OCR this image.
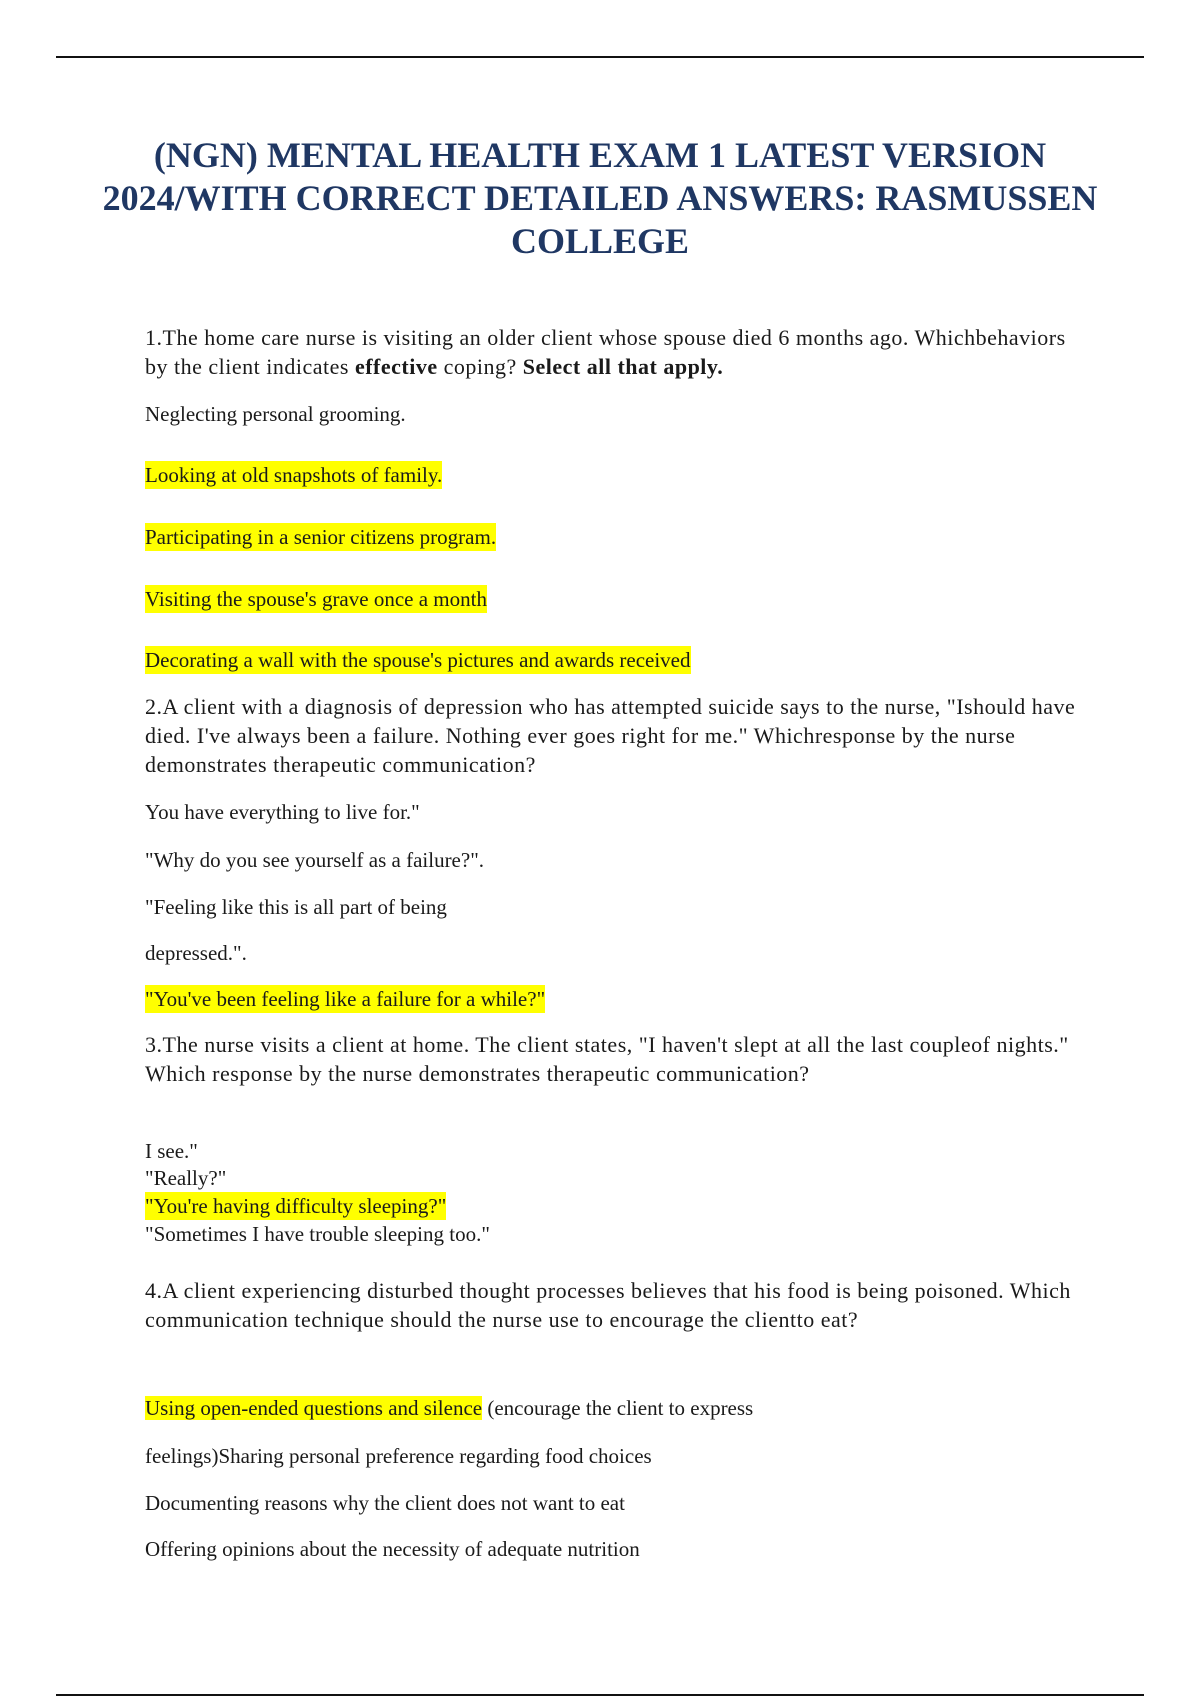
(NGN) MENTAL HEALTH EXAM 1 LATEST VERSION 2024/WITH CORRECT DETAILED ANSWERS: RASMUSSEN COLLEGE

1.The home care nurse is visiting an older client whose spouse died 6 months ago. Whichbehaviors by the client indicates effective coping? Select all that apply.

Neglecting personal grooming.

Looking at old snapshots of family.

Participating in a senior citizens program.

Visiting the spouse's grave once a month

Decorating a wall with the spouse's pictures and awards received

2.A client with a diagnosis of depression who has attempted suicide says to the nurse, "Ishould have died. I've always been a failure. Nothing ever goes right for me." Whichresponse by the nurse demonstrates therapeutic communication?

You have everything to live for."

"Why do you see yourself as a failure?".

"Feeling like this is all part of being

depressed.".

"You've been feeling like a failure for a while?"

3.The nurse visits a client at home. The client states, "I haven't slept at all the last coupleof nights." Which response by the nurse demonstrates therapeutic communication?

I see."

"Really?"

"You're having difficulty sleeping?"

"Sometimes I have trouble sleeping too."

4.A client experiencing disturbed thought processes believes that his food is being poisoned. Which communication technique should the nurse use to encourage the clientto eat?

Using open-ended questions and silence (encourage the client to express

feelings)Sharing personal preference regarding food choices

Documenting reasons why the client does not want to eat

Offering opinions about the necessity of adequate nutrition
